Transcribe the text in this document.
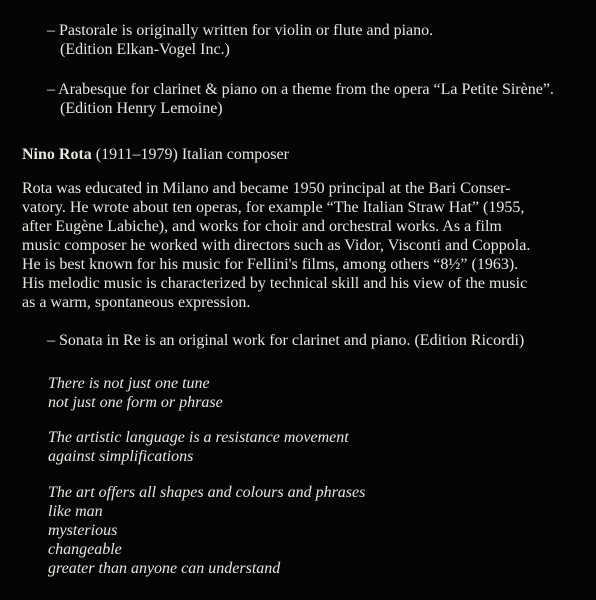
– Pastorale is originally written for violin or flute and piano.
(Edition Elkan-Vogel Inc.)
– Arabesque for clarinet & piano on a theme from the opera “La Petite Sirène”.
(Edition Henry Lemoine)
Nino Rota (1911–1979) Italian composer
Rota was educated in Milano and became 1950 principal at the Bari Conser-
vatory. He wrote about ten operas, for example “The Italian Straw Hat” (1955,
after Eugène Labiche), and works for choir and orchestral works. As a film
music composer he worked with directors such as Vidor, Visconti and Coppola.
He is best known for his music for Fellini's films, among others “8½” (1963).
His melodic music is characterized by technical skill and his view of the music
as a warm, spontaneous expression.
– Sonata in Re is an original work for clarinet and piano. (Edition Ricordi)
There is not just one tune
not just one form or phrase
The artistic language is a resistance movement
against simplifications
The art offers all shapes and colours and phrases
like man
mysterious
changeable
greater than anyone can understand
